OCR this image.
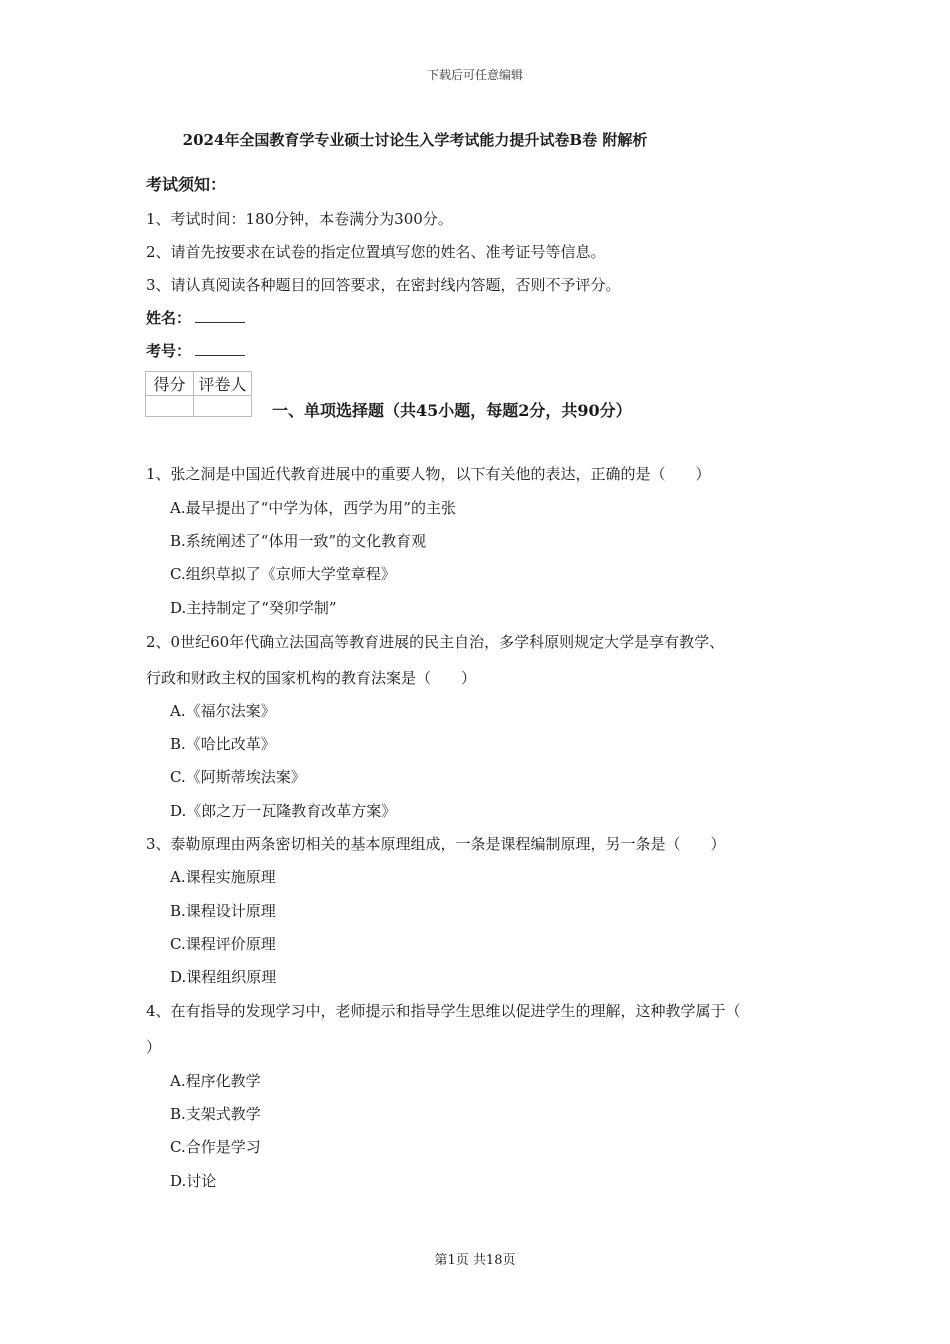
下载后可任意编辑
2024年全国教育学专业硕士讨论生入学考试能力提升试卷B卷 附解析
考试须知：
1、考试时间：180分钟，本卷满分为300分。
2、请首先按要求在试卷的指定位置填写您的姓名、准考证号等信息。
3、请认真阅读各种题目的回答要求，在密封线内答题，否则不予评分。
姓名：
考号：
得分	评卷人

一、单项选择题（共45小题，每题2分，共90分）
1、张之洞是中国近代教育进展中的重要人物，以下有关他的表达，正确的是（　　）
A.最早提出了“中学为体，西学为用”的主张
B.系统阐述了“体用一致”的文化教育观
C.组织草拟了《京师大学堂章程》
D.主持制定了“癸卯学制”
2、0世纪60年代确立法国高等教育进展的民主自治，多学科原则规定大学是享有教学、
行政和财政主权的国家机构的教育法案是（　　）
A.《福尔法案》
B.《哈比改革》
C.《阿斯蒂埃法案》
D.《郎之万一瓦隆教育改革方案》
3、泰勒原理由两条密切相关的基本原理组成，一条是课程编制原理，另一条是（　　）
A.课程实施原理
B.课程设计原理
C.课程评价原理
D.课程组织原理
4、在有指导的发现学习中，老师提示和指导学生思维以促进学生的理解，这种教学属于（
）
A.程序化教学
B.支架式教学
C.合作是学习
D.讨论
第1页 共18页
